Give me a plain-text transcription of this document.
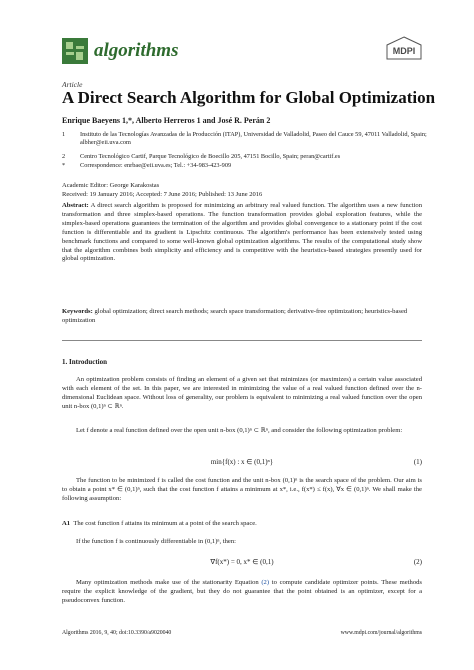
algorithms	MDPI
Article
A Direct Search Algorithm for Global Optimization
Enrique Baeyens 1,*, Alberto Herreros 1 and José R. Perán 2
1	Instituto de las Tecnologías Avanzadas de la Producción (ITAP), Universidad de Valladolid, Paseo del Cauce 59, 47011 Valladolid, Spain; albher@eii.uva.com
2	Centro Tecnológico Cartif, Parque Tecnológico de Boecillo 205, 47151 Bocillo, Spain; peran@cartif.es
*	Correspondence: enrbae@eii.uva.es; Tel.: +34-983-423-909
Academic Editor: George Karakostas
Received: 19 January 2016; Accepted: 7 June 2016; Published: 13 June 2016
Abstract: A direct search algorithm is proposed for minimizing an arbitrary real valued function. The algorithm uses a new function transformation and three simplex-based operations. The function transformation provides global exploration features, while the simplex-based operations guarantees the termination of the algorithm and provides global convergence to a stationary point if the cost function is differentiable and its gradient is Lipschitz continuous. The algorithm's performance has been extensively tested using benchmark functions and compared to some well-known global optimization algorithms. The results of the computational study show that the algorithm combines both simplicity and efficiency and is competitive with the heuristics-based strategies presently used for global optimization.
Keywords: global optimization; direct search methods; search space transformation; derivative-free optimization; heuristics-based optimization
1. Introduction
An optimization problem consists of finding an element of a given set that minimizes (or maximizes) a certain value associated with each element of the set. In this paper, we are interested in minimizing the value of a real valued function defined over the n-dimensional Euclidean space. Without loss of generality, our problem is equivalent to minimizing a real valued function over the open unit n-box (0,1)ⁿ ⊂ ℝⁿ.
Let f denote a real function defined over the open unit n-box (0,1)ⁿ ⊂ ℝⁿ, and consider the following optimization problem:
min{f(x) : x ∈ (0,1)ⁿ}	(1)
The function to be minimized f is called the cost function and the unit n-box (0,1)ⁿ is the search space of the problem. Our aim is to obtain a point x* ∈ (0,1)ⁿ, such that the cost function f attains a minimum at x*, i.e., f(x*) ≤ f(x), ∀x ∈ (0,1)ⁿ. We shall make the following assumption:
A1 The cost function f attains its minimum at a point of the search space.
If the function f is continuously differentiable in (0,1)ⁿ, then:
∇f(x*) = 0, x* ∈ (0,1)	(2)
Many optimization methods make use of the stationarity Equation (2) to compute candidate optimizer points. These methods require the explicit knowledge of the gradient, but they do not guarantee that the point obtained is an optimizer, except for a pseudoconvex function.
Algorithms 2016, 9, 40; doi:10.3390/a9020040	www.mdpi.com/journal/algorithms
